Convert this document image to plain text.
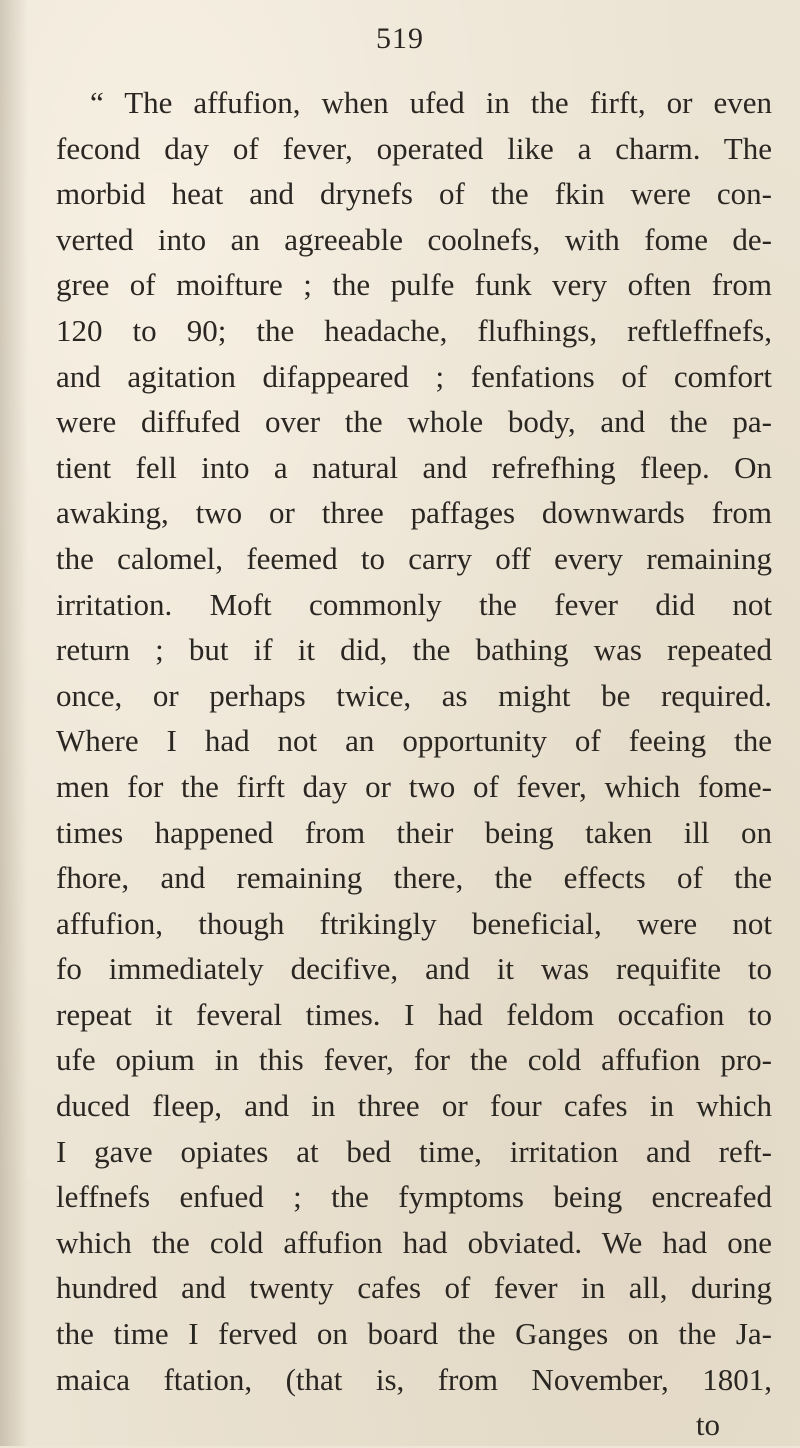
519
“ The affufion, when ufed in the firft, or even
fecond day of fever, operated like a charm. The
morbid heat and drynefs of the fkin were con-
verted into an agreeable coolnefs, with fome de-
gree of moifture ; the pulfe funk very often from
120 to 90; the headache, fluf​hings, reftleffnefs,
and agitation difappeared ; fenfations of comfort
were diffufed over the whole body, and the pa-
tient fell into a natural and refrefhing fleep. On
awaking, two or three paffages downwards from
the calomel, feemed to carry off every remaining
irritation. Moft commonly the fever did not
return ; but if it did, the bathing was repeated
once, or perhaps twice, as might be required.
Where I had not an opportunity of feeing the
men for the firft day or two of fever, which fome-
times happened from their being taken ill on
fhore, and remaining there, the effects of the
affufion, though ftrikingly beneficial, were not
fo immediately decifive, and it was requifite to
repeat it feveral times. I had feldom occafion to
ufe opium in this fever, for the cold affufion pro-
duced fleep, and in three or four cafes in which
I gave opiates at bed time, irritation and reft-
leffnefs enfued ; the fymptoms being encreafed
which the cold affufion had obviated. We had one
hundred and twenty cafes of fever in all, during
the time I ferved on board the Ganges on the Ja-
maica ftation, (that is, from November, 1801,
to
